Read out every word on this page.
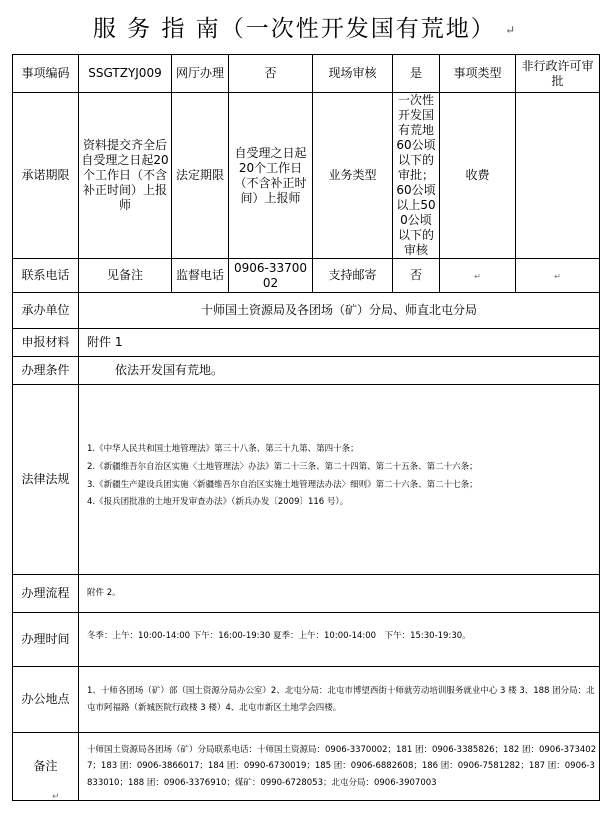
服 务 指 南（一次性开发国有荒地） ↵
事项编码	SSGTZYJ009	网厅办理	否	现场审核	是	事项类型	非行政许可审批
承诺期限	资料提交齐全后自受理之日起20个工作日（不含补正时间）上报师	法定期限	自受理之日起20个工作日（不含补正时间）上报师	业务类型	一次性开发国有荒地60公顷以下的审批；60公顷以上500公顷以下的审核	收费	
联系电话	见备注	监督电话	0906-3370002	支持邮寄	否	↵	↵
承办单位	十师国土资源局及各团场（矿）分局、师直北屯分局						
申报材料	附件 1						
办理条件	依法开发国有荒地。						
法律法规	1.《中华人民共和国土地管理法》第三十八条、第三十九第、第四十条；

2.《新疆维吾尔自治区实施〈土地管理法〉办法》第二十三条、第二十四第、第二十五条、第二十六条；

3.《新疆生产建设兵团实施〈新疆维吾尔自治区实施土地管理法办法〉细则》第二十六条、第二十七条；

4.《报兵团批准的土地开发审查办法》（新兵办发〔2009〕116 号）。						

办理流程	附件 2。						
办理时间	冬季：上午：10:00-14:00 下午：16:00-19:30 夏季：上午：10:00-14:00　下午：15:30-19:30。						
办公地点	1、十师各团场（矿）部（国土资源分局办公室）2、北屯分局：北屯市博望西街十师就劳动培训服务就业中心 3 楼 3、188 团分局：北屯市阿福路（新城医院行政楼 3 楼）4、北屯市新区土地学会四楼。						
备注	十师国土资源局各团场（矿）分局联系电话：十师国土资源局：0906-3370002；181 团：0906-3385826；182 团：0906-3734027；183 团：0906-3866017；184 团：0990-6730019；185 团：0906-6882608；186 团：0906-7581282；187 团：0906-3833010；188 团：0906-3376910；煤矿：0990-6728053；北屯分局：0906-3907003						
↵
